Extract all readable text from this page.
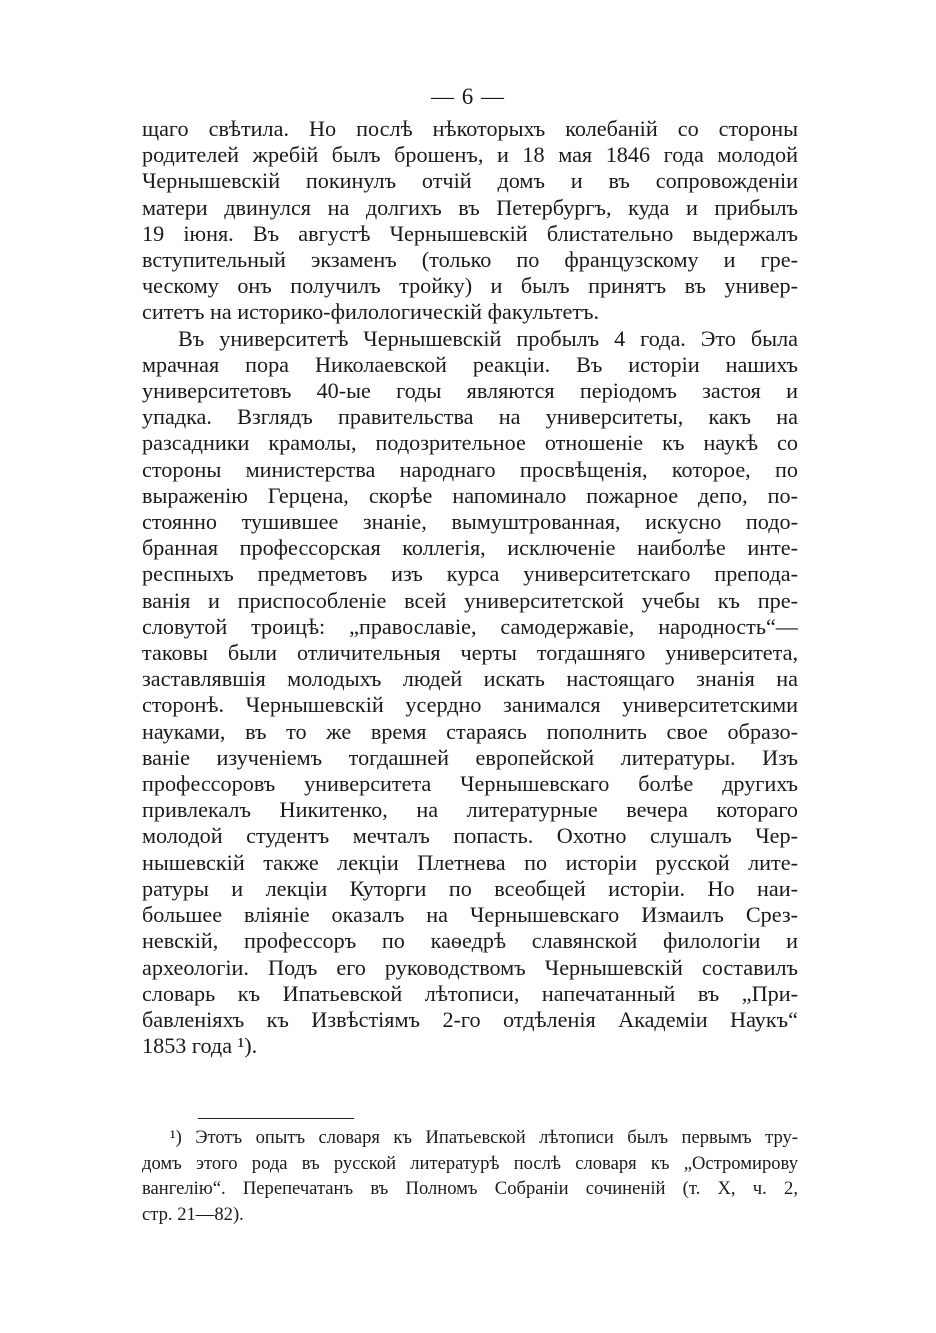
— 6 —
щаго свѣтила. Но послѣ нѣкоторыхъ колебаній со стороны
родителей жребій былъ брошенъ, и 18 мая 1846 года молодой
Чернышевскій покинулъ отчій домъ и въ сопровожденіи
матери двинулся на долгихъ въ Петербургъ, куда и прибылъ
19 іюня. Въ августѣ Чернышевскій блистательно выдержалъ
вступительный экзаменъ (только по французскому и гре-
ческому онъ получилъ тройку) и былъ принятъ въ универ-
ситетъ на историко-филологическій факультетъ.
Въ университетѣ Чернышевскій пробылъ 4 года. Это была
мрачная пора Николаевской реакціи. Въ исторіи нашихъ
университетовъ 40-ые годы являются періодомъ застоя и
упадка. Взглядъ правительства на университеты, какъ на
разсадники крамолы, подозрительное отношеніе къ наукѣ со
стороны министерства народнаго просвѣщенія, которое, по
выраженію Герцена, скорѣе напоминало пожарное депо, по-
стоянно тушившее знаніе, вымуштрованная, искусно подо-
бранная профессорская коллегія, исключеніе наиболѣе инте-
респныхъ предметовъ изъ курса университетскаго препода-
ванія и приспособленіе всей университетской учебы къ пре-
словутой троицѣ: „православіе, самодержавіе, народность“—
таковы были отличительныя черты тогдашняго университета,
заставлявшія молодыхъ людей искать настоящаго знанія на
сторонѣ. Чернышевскій усердно занимался университетскими
науками, въ то же время стараясь пополнить свое образо-
ваніе изученіемъ тогдашней европейской литературы. Изъ
профессоровъ университета Чернышевскаго болѣе другихъ
привлекалъ Никитенко, на литературные вечера котораго
молодой студентъ мечталъ попасть. Охотно слушалъ Чер-
нышевскій также лекціи Плетнева по исторіи русской лите-
ратуры и лекціи Куторги по всеобщей исторіи. Но наи-
большее вліяніе оказалъ на Чернышевскаго Измаилъ Срез-
невскій, профессоръ по каѳедрѣ славянской филологіи и
археологіи. Подъ его руководствомъ Чернышевскій составилъ
словарь къ Ипатьевской лѣтописи, напечатанный въ „При-
бавленіяхъ къ Извѣстіямъ 2-го отдѣленія Академіи Наукъ“
1853 года ¹).
¹) Этотъ опытъ словаря къ Ипатьевской лѣтописи былъ первымъ тру-
домъ этого рода въ русской литературѣ послѣ словаря къ „Остромирову
вангелію“. Перепечатанъ въ Полномъ Собраніи сочиненій (т. X, ч. 2,
стр. 21—82).
